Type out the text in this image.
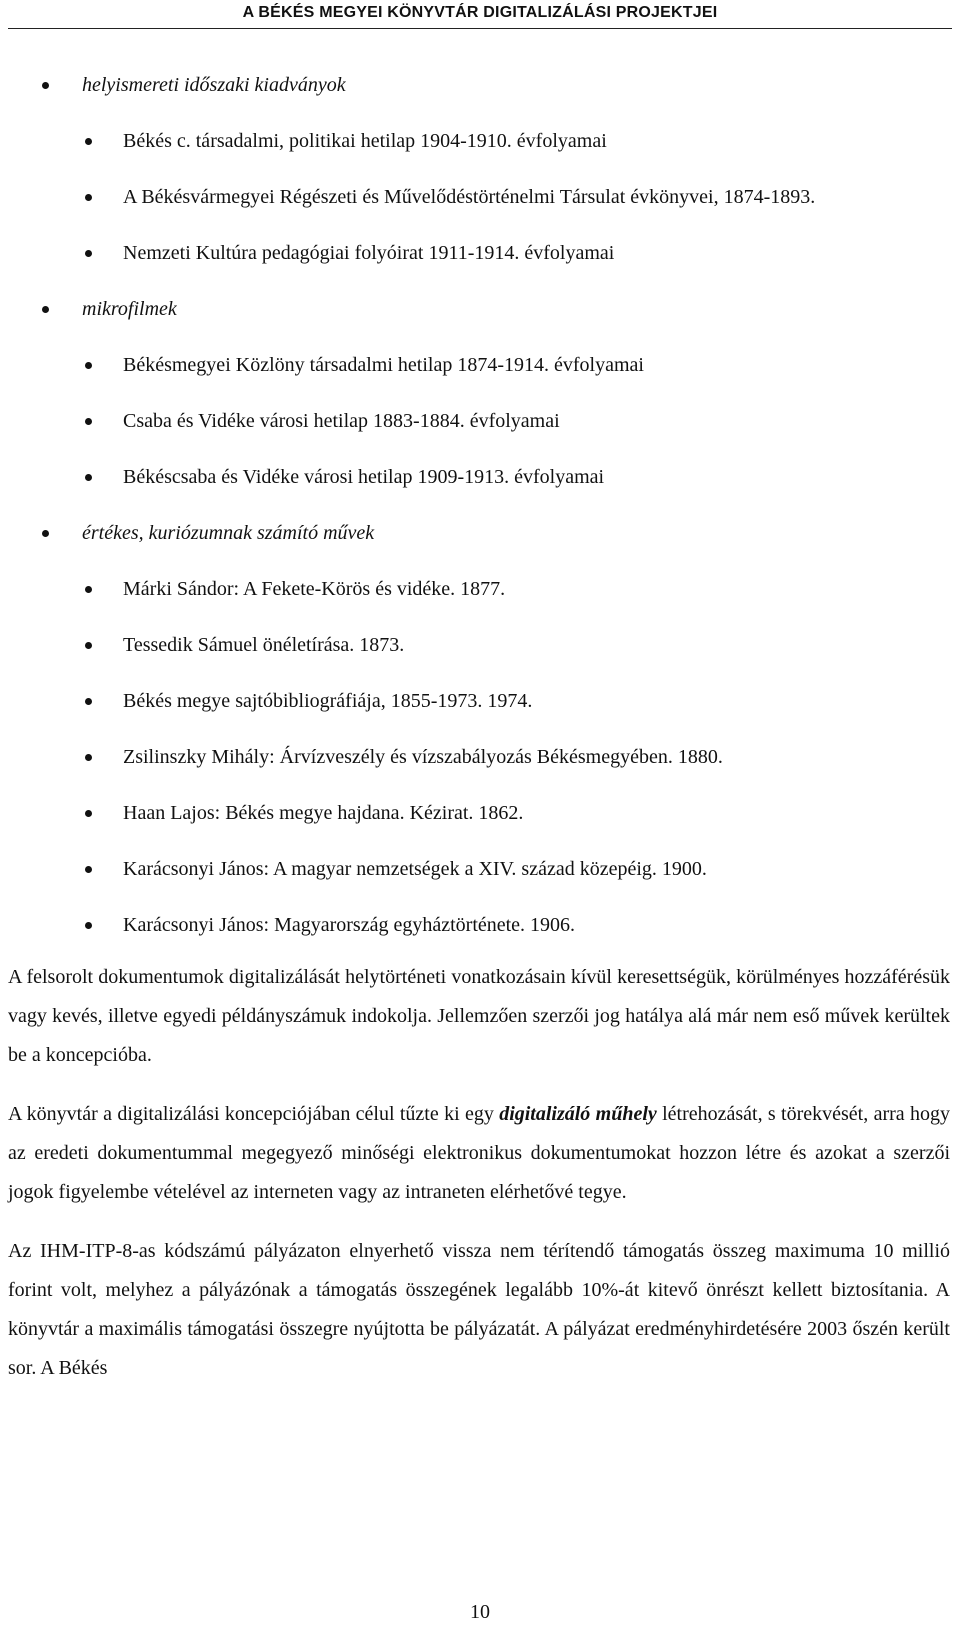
A BÉKÉS MEGYEI KÖNYVTÁR DIGITALIZÁLÁSI PROJEKTJEI
helyismereti időszaki kiadványok
Békés c. társadalmi, politikai hetilap 1904-1910. évfolyamai
A Békésvármegyei Régészeti és Művelődéstörténelmi Társulat évkönyvei, 1874-1893.
Nemzeti Kultúra pedagógiai folyóirat 1911-1914. évfolyamai
mikrofilmek
Békésmegyei Közlöny társadalmi hetilap 1874-1914. évfolyamai
Csaba és Vidéke városi hetilap 1883-1884. évfolyamai
Békéscsaba és Vidéke városi hetilap 1909-1913. évfolyamai
értékes, kuriózumnak számító művek
Márki Sándor: A Fekete-Körös és vidéke. 1877.
Tessedik Sámuel önéletírása. 1873.
Békés megye sajtóbibliográfiája, 1855-1973. 1974.
Zsilinszky Mihály: Árvízveszély és vízszabályozás Békésmegyében. 1880.
Haan Lajos: Békés megye hajdana. Kézirat. 1862.
Karácsonyi János: A magyar nemzetségek a XIV. század közepéig. 1900.
Karácsonyi János: Magyarország egyháztörténete. 1906.

A felsorolt dokumentumok digitalizálását helytörténeti vonatkozásain kívül keresettségük, körülményes hozzáférésük vagy kevés, illetve egyedi példányszámuk indokolja. Jellemzően szerzői jog hatálya alá már nem eső művek kerültek be a koncepcióba.

A könyvtár a digitalizálási koncepciójában célul tűzte ki egy digitalizáló műhely létrehozását, s törekvését, arra hogy az eredeti dokumentummal megegyező minőségi elektronikus dokumentumokat hozzon létre és azokat a szerzői jogok figyelembe vételével az interneten vagy az intraneten elérhetővé tegye.

Az IHM-ITP-8-as kódszámú pályázaton elnyerhető vissza nem térítendő támogatás összeg maximuma 10 millió forint volt, melyhez a pályázónak a támogatás összegének legalább 10%-át kitevő önrészt kellett biztosítania. A könyvtár a maximális támogatási összegre nyújtotta be pályázatát. A pályázat eredményhirdetésére 2003 őszén került sor. A Békés

10
